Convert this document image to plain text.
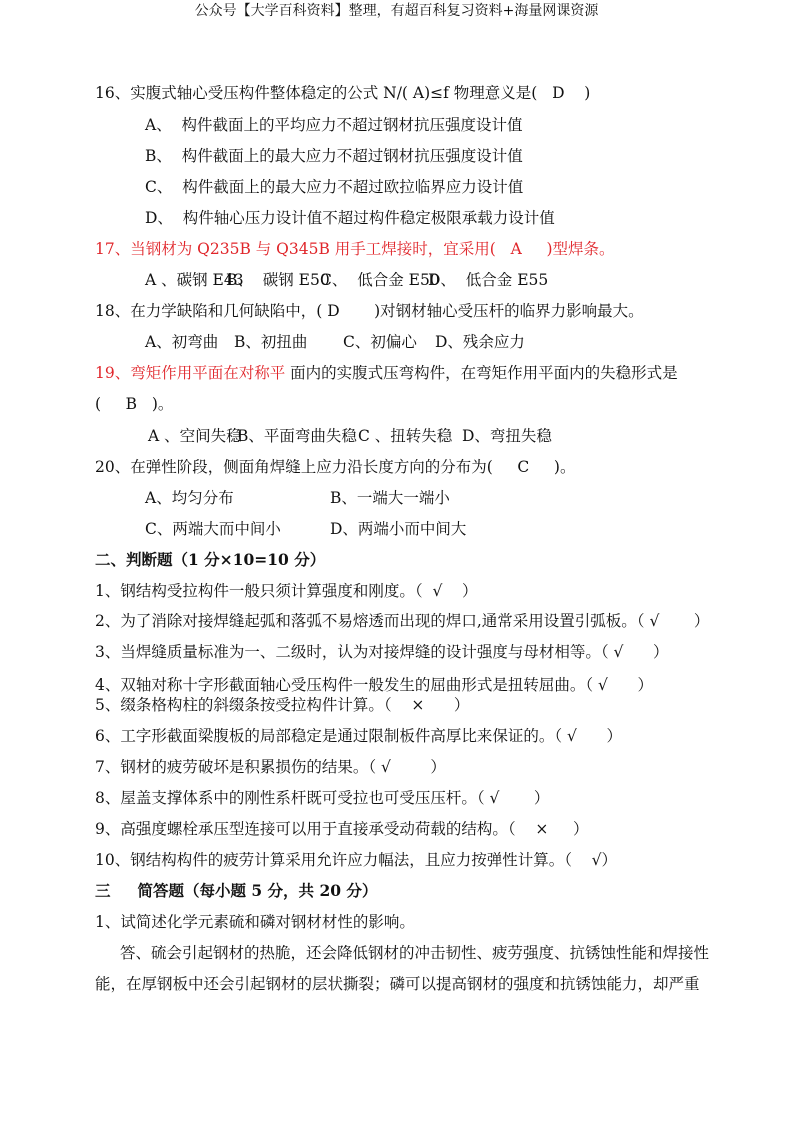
公众号【大学百科资料】整理，有超百科复习资料+海量网课资源
16、实腹式轴心受压构件整体稳定的公式 N/( A)≤f 物理意义是(   D    )
A、  构件截面上的平均应力不超过钢材抗压强度设计值
B、  构件截面上的最大应力不超过钢材抗压强度设计值
C、  构件截面上的最大应力不超过欧拉临界应力设计值
D、  构件轴心压力设计值不超过构件稳定极限承载力设计值
17、当钢材为 Q235B 与 Q345B 用手工焊接时，宜采用(   A     )型焊条。
A 、碳钢 E43
B、  碳钢 E50
C、  低合金 E50
D、  低合金 E55
18、在力学缺陷和几何缺陷中，( D       )对钢材轴心受压杆的临界力影响最大。
A、初弯曲 B、初扭曲 C、初偏心 D、残余应力
19、弯矩作用平面在对称平 面内的实腹式压弯构件，在弯矩作用平面内的失稳形式是
(     B   )。
A 、空间失稳
B、平面弯曲失稳 C 、扭转失稳 D、弯扭失稳
20、在弹性阶段，侧面角焊缝上应力沿长度方向的分布为(     C     )。
A、均匀分布	B、一端大一端小
C、两端大而中间小	D、两端小而中间大
二、判断题（1 分×10=10 分）
1、钢结构受拉构件一般只须计算强度和刚度。（  √    ）
2、为了消除对接焊缝起弧和落弧不易熔透而出现的焊口,通常采用设置引弧板。（ √       ）
3、当焊缝质量标准为一、二级时，认为对接焊缝的设计强度与母材相等。（ √      ）
4、双轴对称十字形截面轴心受压构件一般发生的屈曲形式是扭转屈曲。（ √      ）
5、缀条格构柱的斜缀条按受拉构件计算。（    ×      ）
6、工字形截面梁腹板的局部稳定是通过限制板件高厚比来保证的。（ √      ）
7、钢材的疲劳破坏是积累损伤的结果。（ √        ）
8、屋盖支撑体系中的刚性系杆既可受拉也可受压压杆。（ √       ）
9、高强度螺栓承压型连接可以用于直接承受动荷载的结构。（    ×     ）
10、钢结构构件的疲劳计算采用允许应力幅法，且应力按弹性计算。（    √）
三     简答题（每小题 5 分，共 20 分）
1、试简述化学元素硫和磷对钢材材性的影响。
答、硫会引起钢材的热脆，还会降低钢材的冲击韧性、疲劳强度、抗锈蚀性能和焊接性
能，在厚钢板中还会引起钢材的层状撕裂；磷可以提高钢材的强度和抗锈蚀能力，却严重
